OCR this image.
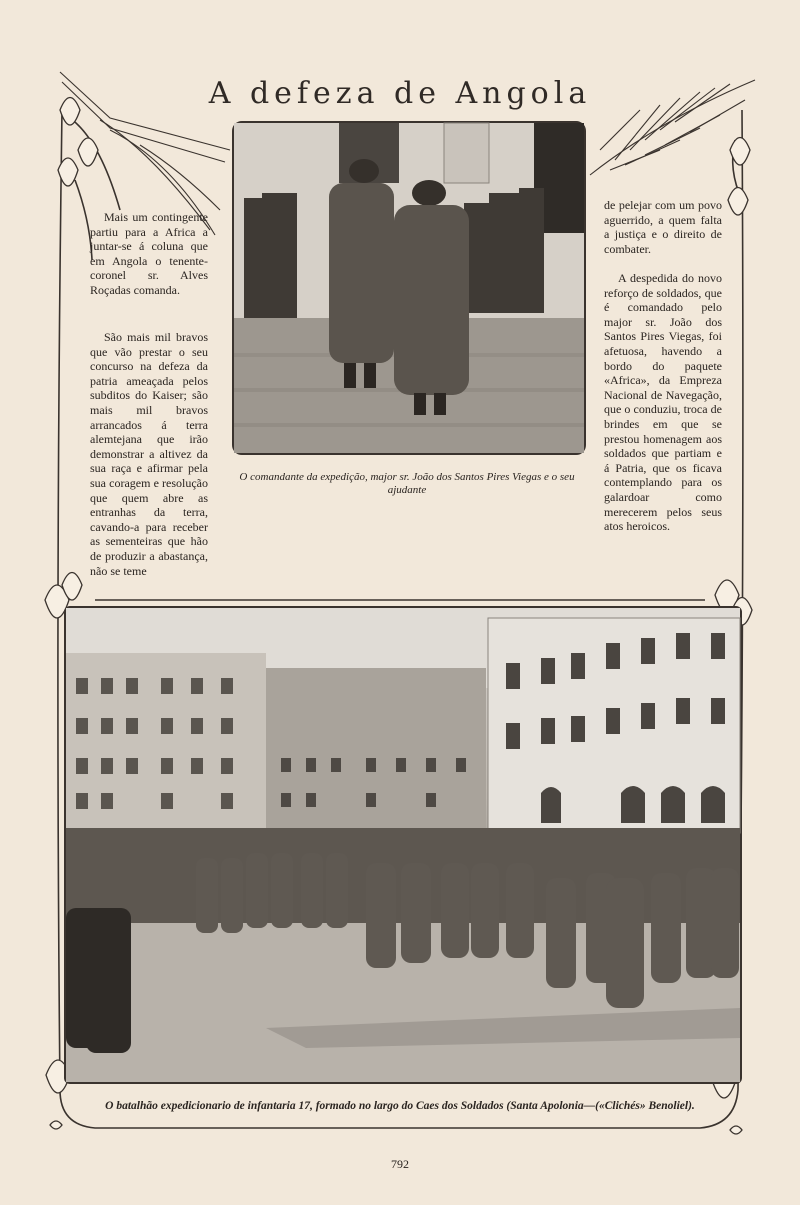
A defeza de Angola
O comandante da expedição, major sr. João dos Santos Pires Viegas e o seu ajudante

Mais um contingente partiu para a Africa a juntar-se á coluna que em Angola o tenente-coronel sr. Alves Roçadas comanda.

São mais mil bravos que vão prestar o seu concurso na defeza da patria ameaçada pelos subditos do Kaiser; são mais mil bravos arrancados á terra alemtejana que irão demonstrar a altivez da sua raça e afirmar pela sua coragem e resolução que quem abre as entranhas da terra, cavando-a para receber as sementeiras que hão de produzir a abastança, não se teme

de pelejar com um povo aguerrido, a quem falta a justiça e o direito de combater.

A despedida do novo reforço de soldados, que é comandado pelo major sr. João dos Santos Pires Viegas, foi afetuosa, havendo a bordo do paquete «Africa», da Empreza Nacional de Navegação, que o conduziu, troca de brindes em que se prestou homenagem aos soldados que partiam e á Patria, que os ficava contemplando para os galardoar como merecerem pelos seus atos heroicos.

O batalhão expedicionario de infantaria 17, formado no largo do Caes dos Soldados (Santa Apolonia—(«Clichés» Benoliel).
792
